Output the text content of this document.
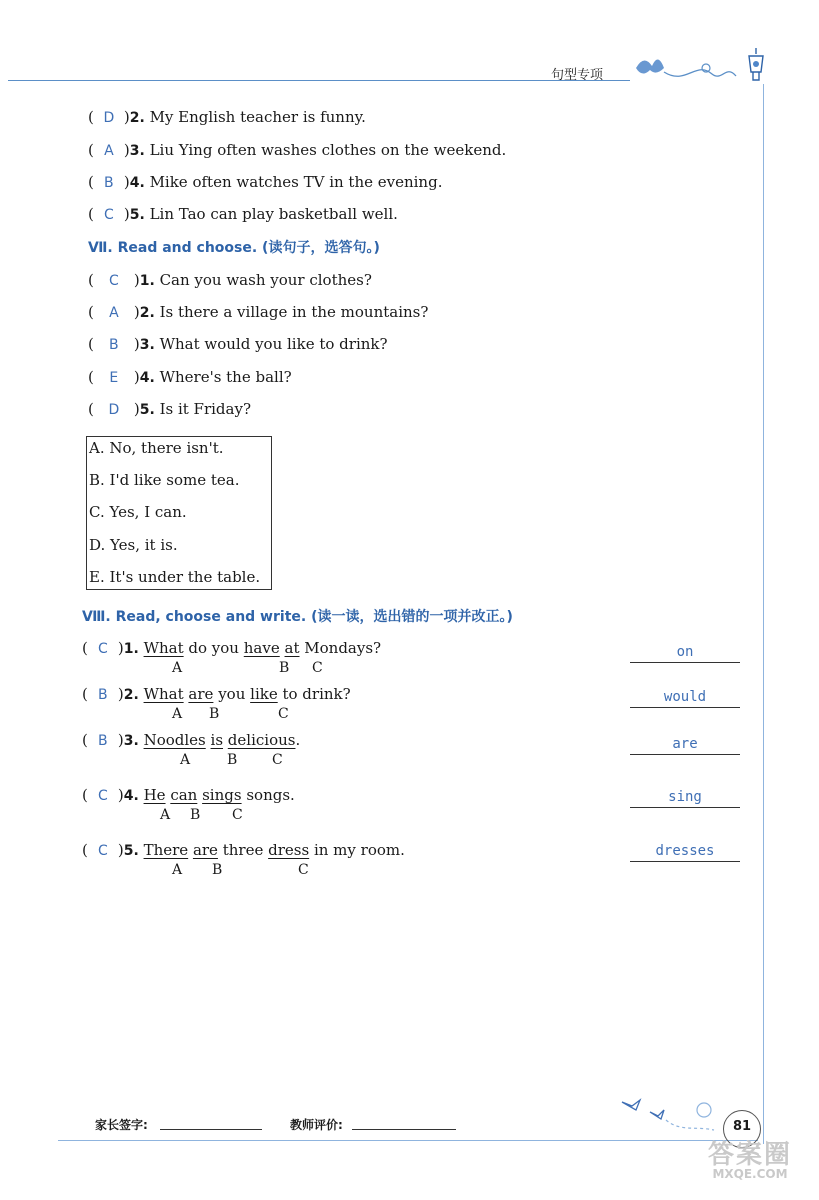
句型专项
( D )2. My English teacher is funny.
( A )3. Liu Ying often washes clothes on the weekend.
( B )4. Mike often watches TV in the evening.
( C )5. Lin Tao can play basketball well.
Ⅶ. Read and choose. (读句子，选答句。)
( C )1. Can you wash your clothes?
( A )2. Is there a village in the mountains?
( B )3. What would you like to drink?
( E )4. Where's the ball?
( D )5. Is it Friday?
A. No, there isn't.
B. I'd like some tea.
C. Yes, I can.
D. Yes, it is.
E. It's under the table.
Ⅷ. Read, choose and write. (读一读，选出错的一项并改正。)
( C )1. What do you have at Mondays?
A	B C
on
( B )2. What are you like to drink?
A B	C
would
( B )3. Noodles is delicious.
A	B C
are
( C )4. He can sings songs.
A B C
sing
( C )5. There are three dress in my room.
A B	C
dresses
家长签字:	教师评价:	81
答案圈
MXQE.COM
